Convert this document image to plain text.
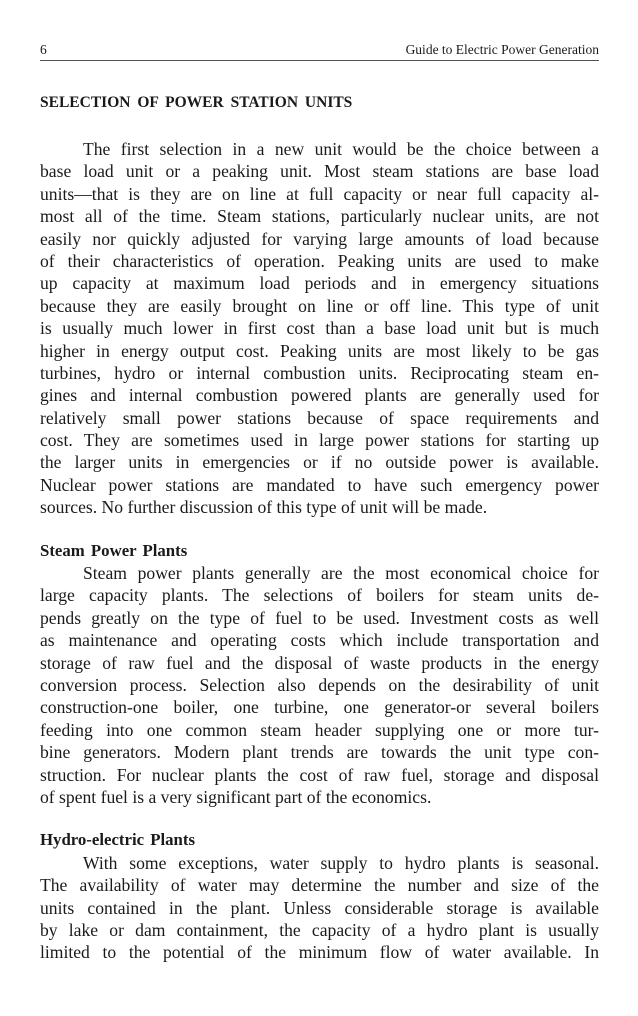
6	Guide to Electric Power Generation
SELECTION OF POWER STATION UNITS
The first selection in a new unit would be the choice between a
base load unit or a peaking unit. Most steam stations are base load
units—that is they are on line at full capacity or near full capacity al-
most all of the time. Steam stations, particularly nuclear units, are not
easily nor quickly adjusted for varying large amounts of load because
of their characteristics of operation. Peaking units are used to make
up capacity at maximum load periods and in emergency situations
because they are easily brought on line or off line. This type of unit
is usually much lower in first cost than a base load unit but is much
higher in energy output cost. Peaking units are most likely to be gas
turbines, hydro or internal combustion units. Reciprocating steam en-
gines and internal combustion powered plants are generally used for
relatively small power stations because of space requirements and
cost. They are sometimes used in large power stations for starting up
the larger units in emergencies or if no outside power is available.
Nuclear power stations are mandated to have such emergency power
sources. No further discussion of this type of unit will be made.
Steam Power Plants
Steam power plants generally are the most economical choice for
large capacity plants. The selections of boilers for steam units de-
pends greatly on the type of fuel to be used. Investment costs as well
as maintenance and operating costs which include transportation and
storage of raw fuel and the disposal of waste products in the energy
conversion process. Selection also depends on the desirability of unit
construction-one boiler, one turbine, one generator-or several boilers
feeding into one common steam header supplying one or more tur-
bine generators. Modern plant trends are towards the unit type con-
struction. For nuclear plants the cost of raw fuel, storage and disposal
of spent fuel is a very significant part of the economics.
Hydro-electric Plants
With some exceptions, water supply to hydro plants is seasonal.
The availability of water may determine the number and size of the
units contained in the plant. Unless considerable storage is available
by lake or dam containment, the capacity of a hydro plant is usually
limited to the potential of the minimum flow of water available. In
